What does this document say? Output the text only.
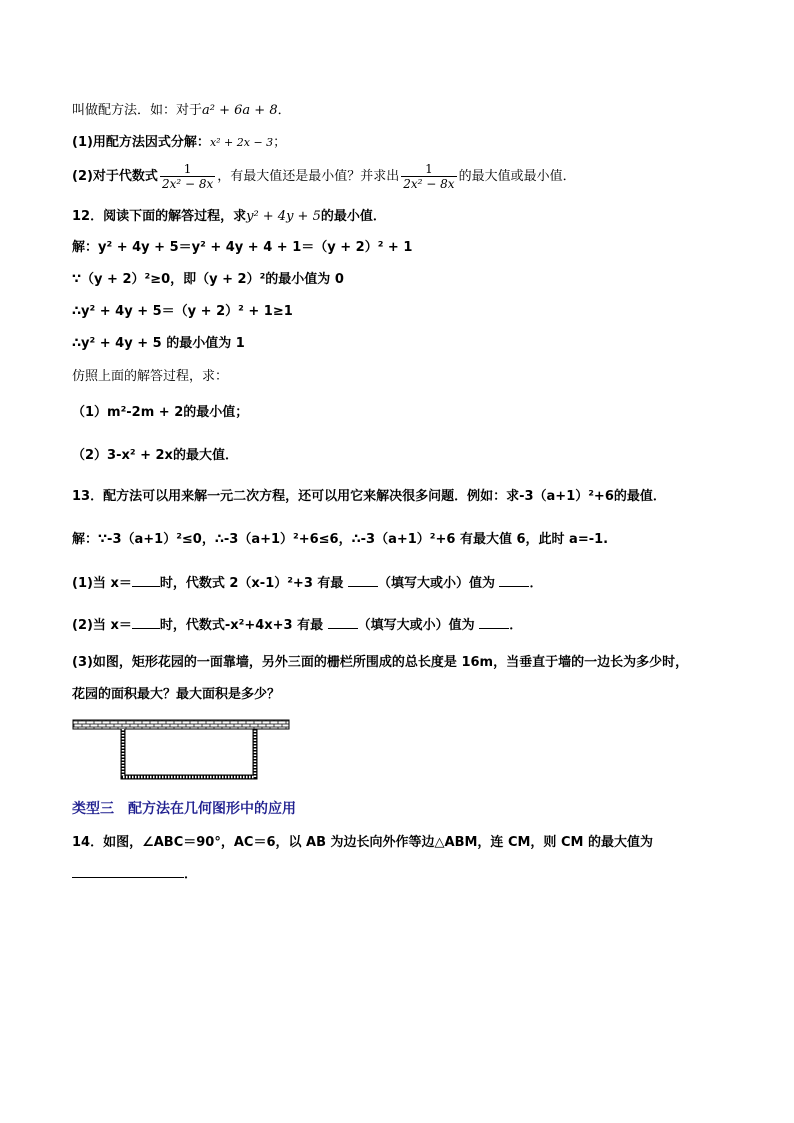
叫做配方法．如：对于a² + 6a + 8．
(1)用配方法因式分解：x² + 2x − 3；
(2)对于代数式 $\frac{1}{\text{2x² − 8x}}$ ，有最大值还是最小值？并求出 $\frac{1}{\text{2x² − 8x}}$ 的最大值或最小值．
12．阅读下面的解答过程，求y² + 4y + 5的最小值．
解：y² + 4y + 5＝y² + 4y + 4 + 1＝（y + 2）² + 1
∵（y + 2）²≥0，即（y + 2）²的最小值为 0
∴y² + 4y + 5＝（y + 2）² + 1≥1
∴y² + 4y + 5 的最小值为 1
仿照上面的解答过程，求：
（1）m²-2m + 2的最小值；
（2）3-x² + 2x的最大值．
13．配方法可以用来解一元二次方程，还可以用它来解决很多问题．例如：求-3（a+1）²+6的最值．
解：∵-3（a+1）²≤0，∴-3（a+1）²+6≤6，∴-3（a+1）²+6 有最大值 6，此时 a=-1.
(1)当 x＝ 时，代数式 2（x-1）²+3 有最	（填写大或小）值为	．
(2)当 x＝ 时，代数式-x²+4x+3 有最	（填写大或小）值为	．
(3)如图，矩形花园的一面靠墙，另外三面的栅栏所围成的总长度是 16m，当垂直于墙的一边长为多少时，
花园的面积最大？最大面积是多少？
类型三 配方法在几何图形中的应用
14．如图，∠ABC＝90°，AC＝6，以 AB 为边长向外作等边△ABM，连 CM，则 CM 的最大值为
．
